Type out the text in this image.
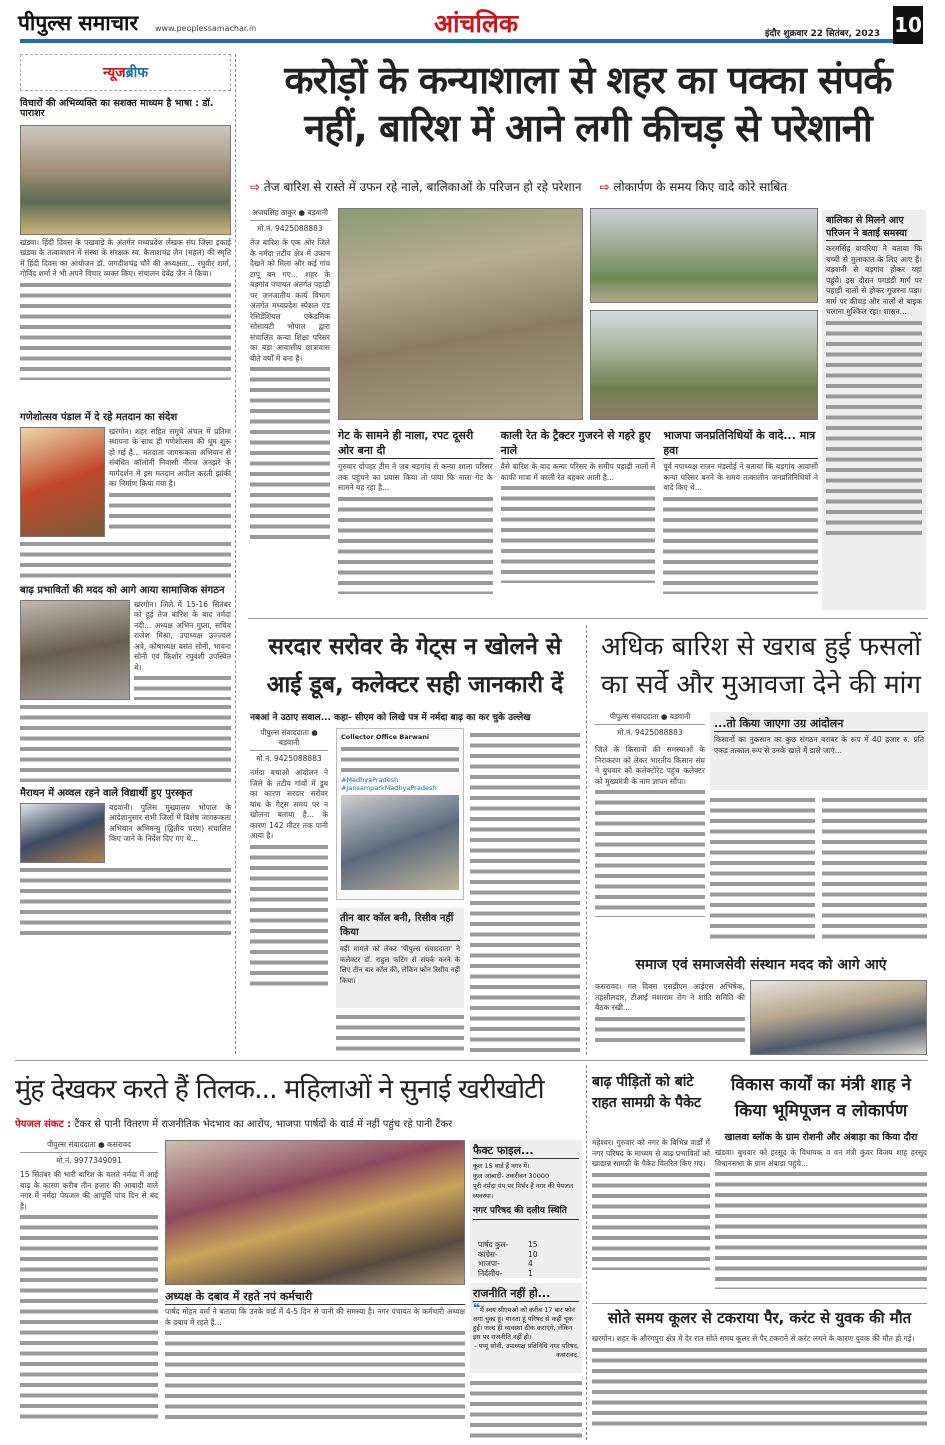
पीपुल्स समाचार www.peoplessamachar.in	आंचलिक	इंदौर शुक्रवार 22 सितंबर, 2023 10
न्यूजब्रीफ
विचारों की अभिव्यक्ति का सशक्त माध्यम है भाषा : डॉ. पाराशर
खंडवा। हिंदी दिवस के पखवाड़े के अंतर्गत मध्यप्रदेश लेखक संघ जिला इकाई खंडवा के तत्वावधान में संस्था के संरक्षक स्व. कैलाशचंद्र जैन (महल) की स्मृति में हिंदी दिवस का आयोजन डॉ. जगदीशचंद्र चौरे की अध्यक्षता... रघुवीर शर्मा, गोविंद शर्मा ने भी अपने विचार व्यक्त किए। संचालन देवेंद्र जैन ने किया।
गणेशोत्सव पंडाल में दे रहे मतदान का संदेश
खरगोन। शहर सहित समूचे अंचल में प्रतिमा स्थापना के साथ ही गणेशोत्सव की धूम शुरू हो गई है... मतदाता जागरूकता अभियान से संबंधित कॉलोनी निवासी नीरज अनझरे के मार्गदर्शन में इस मतदान अपील करती झांकी का निर्माण किया गया है।
बाढ़ प्रभावितों की मदद को आगे आया सामाजिक संगठन
खरगोन। जिले में 15-16 सितंबर को हुई तेज बारिश के बाद नर्मदा नदी... अध्यक्ष अभिन गुप्ता, सचिव राजेश मिश्रा, उपाध्यक्ष उज्ज्वल अत्रे, कोषाध्यक्ष बसंत सोनी, भावना सोनी एवं किशोर रघुवंशी उपस्थित थे।
मैराथन में अव्वल रहने वाले विद्यार्थी हुए पुरस्कृत
बड़वानी। पुलिस मुख्यालय भोपाल के आदेशानुसार सभी जिलों में विशेष जागरूकता अभियान अभिमन्यु (द्वितीय चरण) संचालित किए जाने के निर्देश दिए गए थे...
करोड़ों के कन्याशाला से शहर का पक्का संपर्क
नहीं, बारिश में आने लगी कीचड़ से परेशानी
⇨ तेज बारिश से रास्ते में उफन रहे नाले, बालिकाओं के परिजन हो रहे परेशान ⇨ लोकार्पण के समय किए वादे कोरे साबित
अजयसिंह ठाकुर ● बड़वानी
मो.नं. 9425088883
तेज बारिश के एक ओर जिले के नर्मदा तटीय क्षेत्र में उफान देखने को मिला और कई गांव टापू बन गए... शहर के बड़गांव पंचायत अंतर्गत पहाड़ी पर जनजातीय कार्य विभाग अंतर्गत मध्यप्रदेश स्पेशल एंड रेसिडेंशियल एकेडमिक सोसायटी भोपाल द्वारा संचालित कन्या शिक्षा परिसर का बड़ा आवासीय छात्रावास बीते वर्षों में बना है।
बालिका से मिलने आए परिजन ने बताई समस्या
करमसिंह वायरिया ने बताया कि बच्ची से मुलाकात के लिए आए हैं। बड़वानी से बड़गांव होकर यहां पहुंचे। इस दौरान पगडंडी मार्ग पर पहाड़ी नालों से होकर गुजरना पड़ा। मार्ग पर कीचड़ और नालों से बाइक चलाना मुश्किल रहा। शासन...
गेट के सामने ही नाला, रपट दूसरी ओर बना दी
गुरुवार दोपहर टीम ने जब बड़गांव से कन्या शाला परिसर तक पहुंचने का प्रयास किया तो पाया कि नाला गेट के सामने बह रहा है...
काली रेत के ट्रैक्टर गुजरने से गहरे हुए नाले
वैसे बारिश के बाद कन्या परिसर के समीप पहाड़ी नालों में काफी मात्रा में काली रेत बहकर आती है...
भाजपा जनप्रतिनिधियों के वादे... मात्र हवा
पूर्व नपाध्यक्ष राजन मंडलोई ने बताया कि बड़गांव आवासी कन्या परिसर बनने के समय तत्कालीन जनप्रतिनिधियों ने वादे किए थे...
सरदार सरोवर के गेट्स न खोलने से
आई डूब, कलेक्टर सही जानकारी दें
नबआं ने उठाए सवाल... कहा- सीएम को लिखे पत्र में नर्मदा बाढ़ का कर चुके उल्लेख
पीपुल्स संवाददाता ● बड़वानी
मो.नं. 9425088883
नर्मदा बचाओ आंदोलन ने जिले के तटीय गांवों में डूब का कारण सरदार सरोवर बांध के गेट्स समय पर न खोलना बताया है... के कारण 142 मीटर तक पानी आया है।
Collector Office Barwani
#MadhyaPradesh #JansamparkMadhyaPradesh
तीन बार कॉल बनी, रिसीव नहीं किया
वही मामले को लेकर 'पीपुल्स संवाददाता' ने कलेक्टर डॉ. राहुल फटिंग से संपर्क करने के लिए तीन बार कॉल की, लेकिन फोन रिसीव नहीं किया।
अधिक बारिश से खराब हुई फसलों
का सर्वे और मुआवजा देने की मांग
पीपुल्स संवाददाता ● बड़वानी
मो.नं. 9425088883
...तो किया जाएगा उग्र आंदोलन
किसानों का नुकसान का कुछ संगठन बराबर के रूप में 40 हजार रु. प्रति एकड़ तत्काल रूप से उनके खाते में डाले जाएं...
जिले के किसानों की समस्याओं के निराकरण को लेकर भारतीय किसान संघ ने बुधवार को कलेक्टोरेट पहुंच कलेक्टर को मुख्यमंत्री के नाम ज्ञापन सौंपा।
समाज एवं समाजसेवी संस्थान मदद को आगे आएं
कसरावद। गत दिवस एसडीएम आईएस अभिषेक, तहसीलदार, टीआई मंशाराम रोग ने शांति समिति की बैठक रखी...
मुंह देखकर करते हैं तिलक... महिलाओं ने सुनाई खरीखोटी
पेयजल संकट : टैंकर से पानी वितरण में राजनीतिक भेदभाव का आरोप, भाजपा पार्षदों के वार्ड में नहीं पहुंच रहे पानी टैंकर
पीपुल्स संवाददाता ● कसरावद
मो.नं. 9977349091
15 सितंबर की भारी बारिश के चलते नर्मदा में आई बाढ़ के कारण करीब तीन हजार की आबादी वाले नगर में नर्मदा पेयजल की आपूर्ति पांच दिन से बंद है।
अध्यक्ष के दबाव में रहते नपं कर्मचारी
पार्षद मोहन वर्मा ने बताया कि उनके वार्ड में 4-5 दिन से पानी की समस्या है। नगर पंचायत के कर्मचारी अध्यक्ष के दबाव में रहते हैं...
फैक्ट फाइल...
कुल 15 वार्ड हैं नगर में।
कुल आबादी- तकरीबन 30000
पूरी नर्मदा पंप पर निर्भर है नगर की पेयजल व्यवस्था।
नगर परिषद की दलीय स्थिति
पार्षद कुल-	15
कांग्रेस-	10
भाजपा-	4
निर्दलीय-	1
राजनीति नहीं हो...
❝मैं स्वयं सीएमओ को करीब 17 बार फोन लगा चुका हूं। मानता हूं परिषद से कहीं चूक हुई। जल्द ही व्यवस्था ठीक कराएंगे, लेकिन इस पर राजनीति नहीं हो।
- पप्पू सोनी, उपाध्यक्ष प्रतिनिधि नगर परिषद, कसरावद.
बाढ़ पीड़ितों को बांटे राहत सामग्री के पैकेट
महेश्वर। गुरुवार को नगर के विभिन्न वार्डों में नगर परिषद के माध्यम से बाढ़ प्रभावितों को खाद्यान्न सामग्री के पैकेट वितरित किए गए।
विकास कार्यों का मंत्री शाह ने किया भूमिपूजन व लोकार्पण
खालवा ब्लॉक के ग्राम रोशनी और अंबाड़ा का किया दौरा
खंडवा। बुधवार को हरसूद के विधायक व वन मंत्री कुंवर विजय शाह हरसूद विधानसभा के ग्राम अंबाड़ा पहुंचे...
सोते समय कूलर से टकराया पैर, करंट से युवक की मौत
खरगोन। शहर के औरंगपुरा क्षेत्र में देर रात सोते समय कूलर से पैर टकराने से करंट लगने के कारण युवक की मौत हो गई।
